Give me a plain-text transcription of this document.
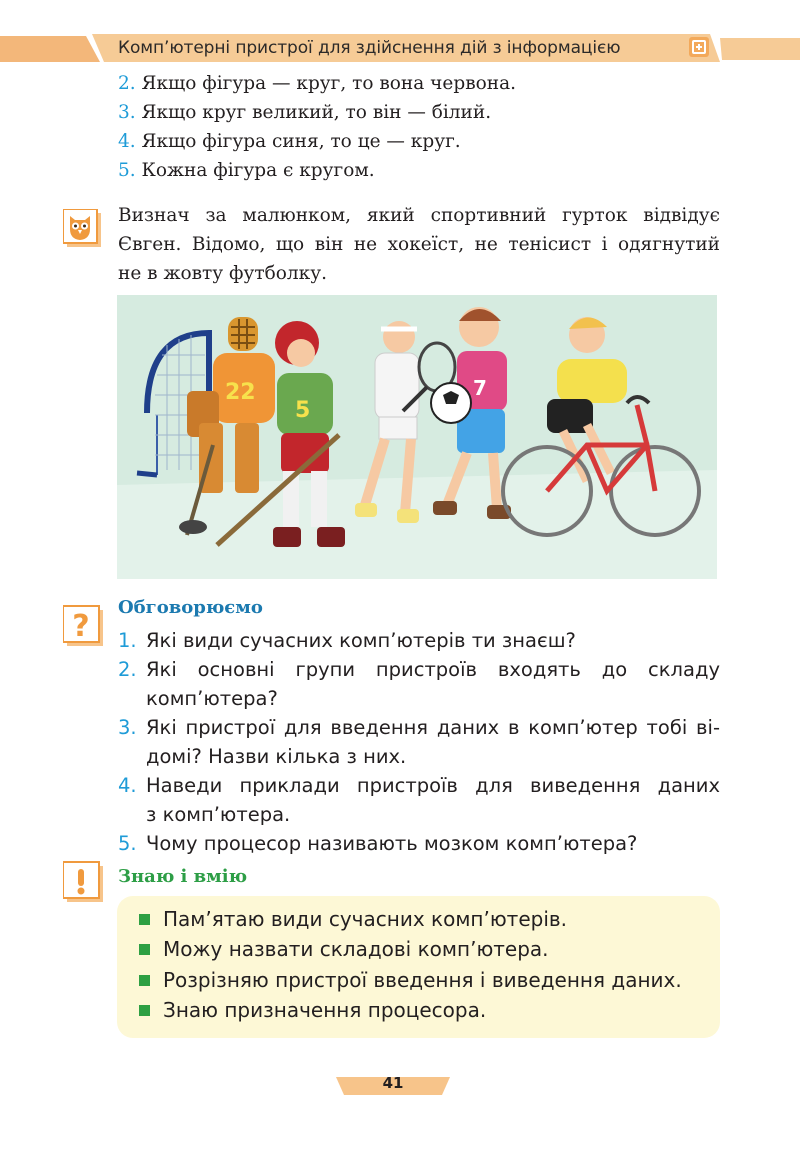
Комп’ютерні пристрої для здійснення дій з інформацією
2. Якщо фігура — круг, то вона червона.
3. Якщо круг великий, то він — білий.
4. Якщо фігура синя, то це — круг.
5. Кожна фігура є кругом.

Визнач за малюнком, який спортивний гурток відвідує

Євген. Відомо, що він не хокеїст, не тенісист і одягнутий

не в жовту футболку.

22
5
7
?
Обговорюємо
1. Які види сучасних комп’ютерів ти знаєш?
2. Які основні групи пристроїв входять до складу
комп’ютера?
3. Які пристрої для введення даних в комп’ютер тобі ві-
домі? Назви кілька з них.
4. Наведи приклади пристроїв для виведення даних
з комп’ютера.
5. Чому процесор називають мозком комп’ютера?
Знаю і вмію
Пам’ятаю види сучасних комп’ютерів.
Можу назвати складові комп’ютера.
Розрізняю пристрої введення і виведення даних.
Знаю призначення процесора.
41
